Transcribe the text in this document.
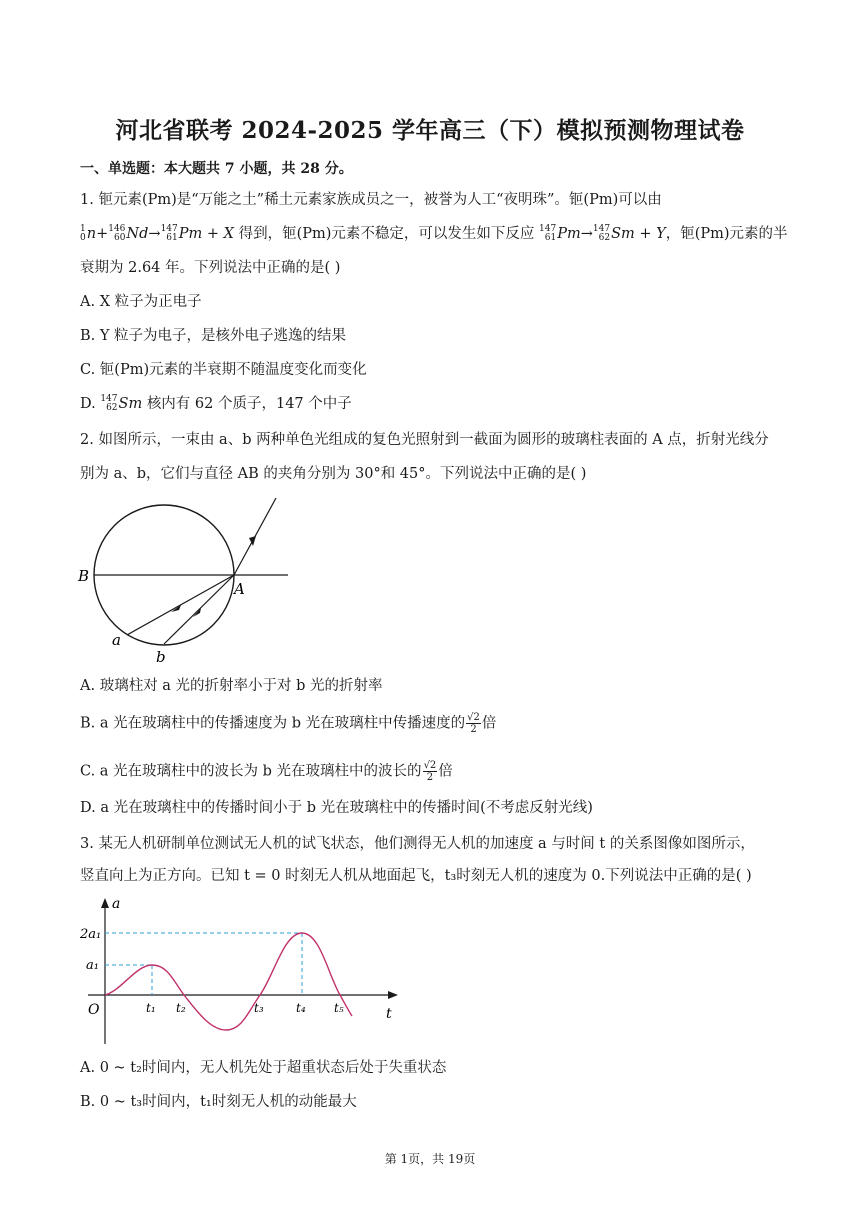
河北省联考 2024-2025 学年高三（下）模拟预测物理试卷
一、单选题：本大题共 7 小题，共 28 分。
1. 钷元素(Pm)是“万能之土”稀土元素家族成员之一，被誉为人工“夜明珠”。钷(Pm)可以由
1
0 n+ 146
60 Nd→ 147
61 Pm + X 得到，钷(Pm)元素不稳定，可以发生如下反应 147
61 Pm→ 147
62 Sm + Y，钷(Pm)元素的半
衰期为 2.64 年。下列说法中正确的是( )
A. X 粒子为正电子
B. Y 粒子为电子，是核外电子逃逸的结果
C. 钷(Pm)元素的半衰期不随温度变化而变化
D. 147
62 Sm 核内有 62 个质子，147 个中子
2. 如图所示，一束由 a、b 两种单色光组成的复色光照射到一截面为圆形的玻璃柱表面的 A 点，折射光线分
别为 a、b，它们与直径 AB 的夹角分别为 30°和 45°。下列说法中正确的是( )
B
A
a
b
A. 玻璃柱对 a 光的折射率小于对 b 光的折射率
B. a 光在玻璃柱中的传播速度为 b 光在玻璃柱中传播速度的 $\frac{√2}{2}$ 倍
C. a 光在玻璃柱中的波长为 b 光在玻璃柱中的波长的 $\frac{√2}{2}$ 倍
D. a 光在玻璃柱中的传播时间小于 b 光在玻璃柱中的传播时间(不考虑反射光线)
3. 某无人机研制单位测试无人机的试飞状态，他们测得无人机的加速度 a 与时间 t 的关系图像如图所示，
竖直向上为正方向。已知 t = 0 时刻无人机从地面起飞，t₃时刻无人机的速度为 0.下列说法中正确的是( )
a
t
O
2a₁
a₁
t₁ t₂	t₃	t₄ t₅
A. 0 ~ t₂时间内，无人机先处于超重状态后处于失重状态
B. 0 ~ t₃时间内，t₁时刻无人机的动能最大
第 1页，共 19页
